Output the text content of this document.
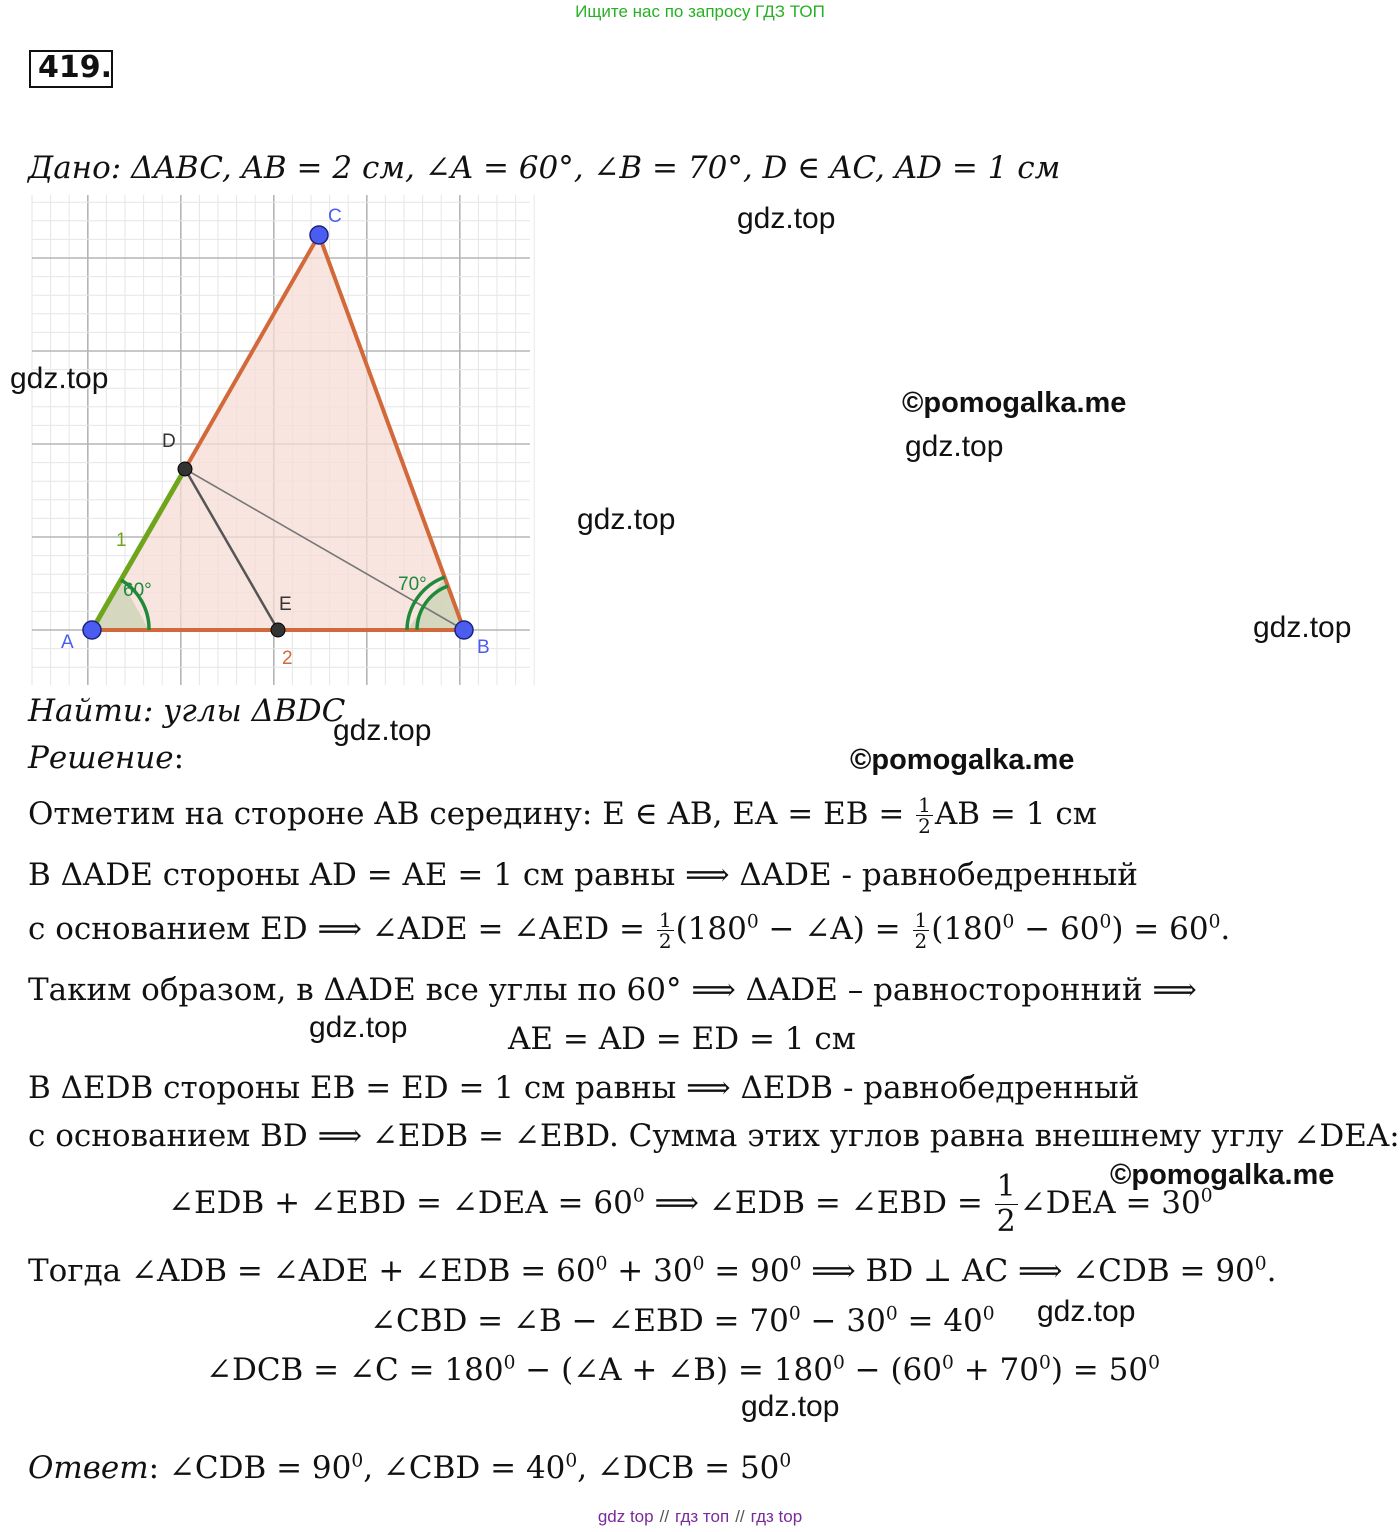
Ищите нас по запросу ГДЗ ТОП
419.
Дано: ΔABC, AB = 2 см, ∠A = 60°, ∠B = 70°, D ∈ AC, AD = 1 см
A	B
C
D
E
1
2
60°	70°
Найти: углы ΔBDC
Решение:
Отметим на стороне AB середину: E ∈ AB, EA = EB = $\frac{1}{2}$ AB = 1 см
В ΔADE стороны AD = AE = 1 см равны ⟹ ΔADE - равнобедренный
с основанием ED ⟹ ∠ADE = ∠AED = $\frac{1}{2} (180^0$ − ∠A) = $\frac{1}{2} (180^0 - 60^0) = 60^0$.
Таким образом, в ΔADE все углы по 60° ⟹ ΔADE – равносторонний ⟹
AE = AD = ED = 1 см
В ΔEDB стороны EB = ED = 1 см равны ⟹ ΔEDB - равнобедренный
с основанием BD ⟹ ∠EDB = ∠EBD. Сумма этих углов равна внешнему углу ∠DEA:
∠EDB + ∠EBD = ∠DEA = $60^0$ ⟹ ∠EDB = ∠EBD = $\frac{1}{2}$ ∠DEA = $30^0$
Тогда ∠ADB = ∠ADE + ∠EDB = $60^0 + 30^0 = 90^0$ ⟹ BD ⊥ AC ⟹ ∠CDB = $90^0$.
∠CBD = ∠B − ∠EBD = $70^0 - 30^0 = 40^0$
∠DCB = ∠C = $180^0$ − (∠A + ∠B) = $180^0 - (60^0 + 70^0) = 50^0$
Ответ: ∠CDB = $90^0$, ∠CBD = $40^0$, ∠DCB = $50^0$
gdz.top
gdz.top
©pomogalka.me
gdz.top
gdz.top
gdz.top
gdz.top
©pomogalka.me
gdz.top
©pomogalka.me
gdz.top
gdz.top
gdz top // гдз топ // гдз top
